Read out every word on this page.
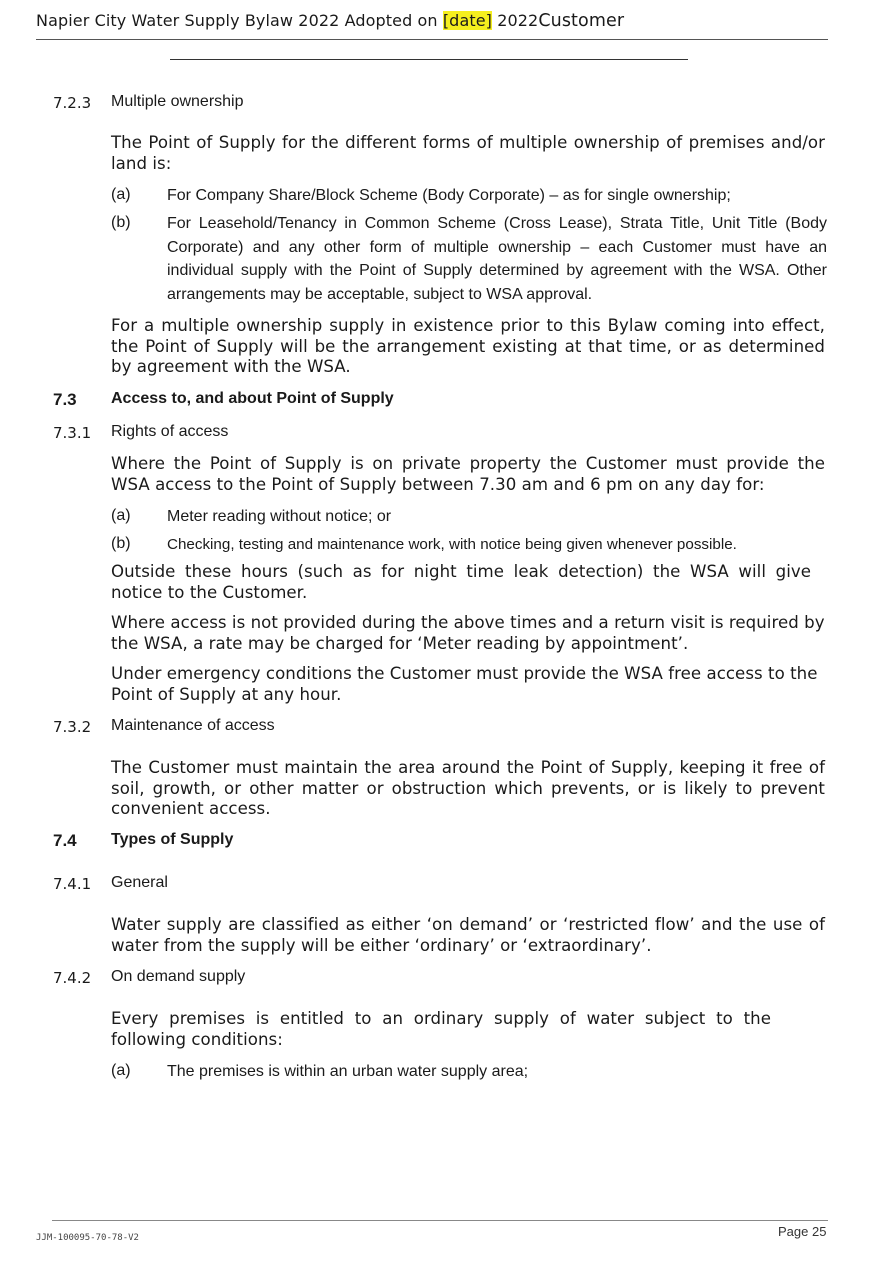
Napier City Water Supply Bylaw 2022 Adopted on [date] 2022Customer
7.2.3 Multiple ownership
The Point of Supply for the different forms of multiple ownership of premises and/or land is:
(a) For Company Share/Block Scheme (Body Corporate) – as for single ownership;
(b) For Leasehold/Tenancy in Common Scheme (Cross Lease), Strata Title, Unit Title (Body Corporate) and any other form of multiple ownership – each Customer must have an individual supply with the Point of Supply determined by agreement with the WSA. Other arrangements may be acceptable, subject to WSA approval.
For a multiple ownership supply in existence prior to this Bylaw coming into effect, the Point of Supply will be the arrangement existing at that time, or as determined by agreement with the WSA.
7.3 Access to, and about Point of Supply
7.3.1 Rights of access
Where the Point of Supply is on private property the Customer must provide the WSA access to the Point of Supply between 7.30 am and 6 pm on any day for:
(a) Meter reading without notice; or
(b) Checking, testing and maintenance work, with notice being given whenever possible.
Outside these hours (such as for night time leak detection) the WSA will give notice to the Customer.
Where access is not provided during the above times and a return visit is required by the WSA, a rate may be charged for ‘Meter reading by appointment’.
Under emergency conditions the Customer must provide the WSA free access to the Point of Supply at any hour.
7.3.2 Maintenance of access
The Customer must maintain the area around the Point of Supply, keeping it free of soil, growth, or other matter or obstruction which prevents, or is likely to prevent convenient access.
7.4 Types of Supply
7.4.1 General
Water supply are classified as either ‘on demand’ or ‘restricted flow’ and the use of water from the supply will be either ‘ordinary’ or ‘extraordinary’.
7.4.2 On demand supply
Every premises is entitled to an ordinary supply of water subject to the following conditions:
(a) The premises is within an urban water supply area;
JJM-100095-70-78-V2	Page 25
